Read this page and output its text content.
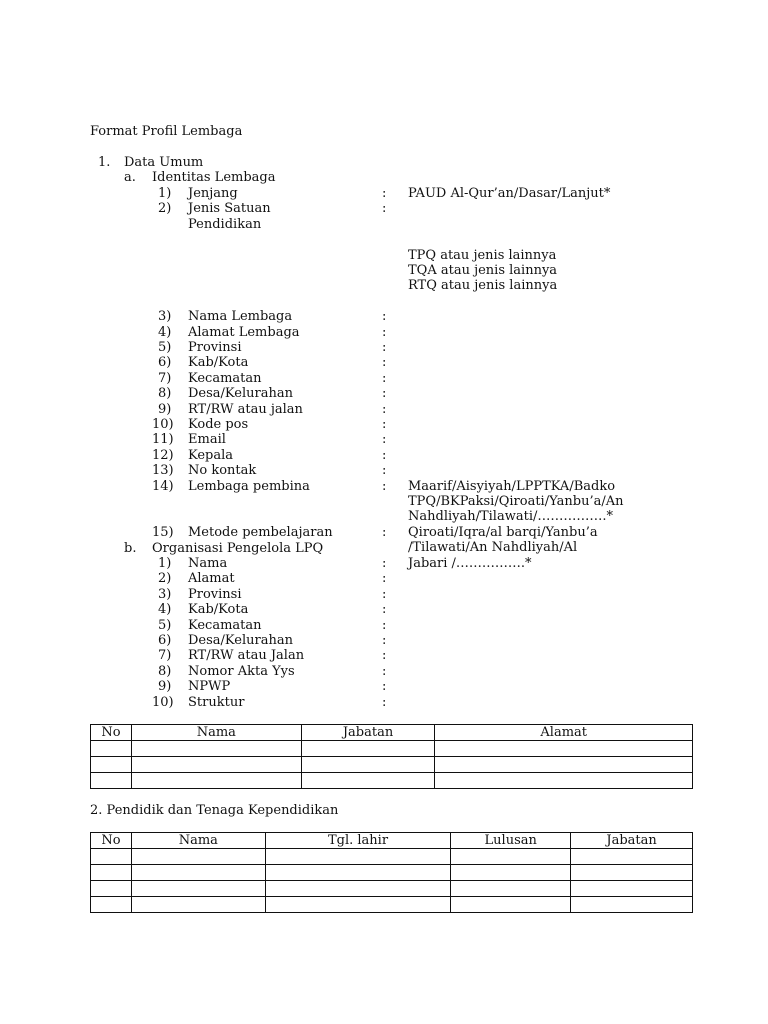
Format Profil Lembaga
1. Data Umum
a. Identitas Lembaga
1) Jenjang	: PAUD Al-Qur’an/Dasar/Lanjut*
2) Jenis Satuan	:
Pendidikan
TPQ atau jenis lainnya
TQA atau jenis lainnya
RTQ atau jenis lainnya
3) Nama Lembaga	:
4) Alamat Lembaga	:
5) Provinsi	:
6) Kab/Kota	:
7) Kecamatan	:
8) Desa/Kelurahan	:
9) RT/RW atau jalan	:
10) Kode pos	:
11) Email	:
12) Kepala	:
13) No kontak	:
14) Lembaga pembina	: Maarif/Aisyiyah/LPPTKA/Badko
TPQ/BKPaksi/Qiroati/Yanbu’a/An
Nahdliyah/Tilawati/…………….*
15) Metode pembelajaran	: Qiroati/Iqra/al barqi/Yanbu’a
/Tilawati/An Nahdliyah/Al
Jabari /…………….*
b. Organisasi Pengelola LPQ
1) Nama	:
2) Alamat	:
3) Provinsi	:
4) Kab/Kota	:
5) Kecamatan	:
6) Desa/Kelurahan	:
7) RT/RW atau Jalan	:
8) Nomor Akta Yys	:
9) NPWP	:
10) Struktur	:
No	Nama	Jabatan	Alamat

2. Pendidik dan Tenaga Kependidikan
No	Nama	Tgl. lahir	Lulusan	Jabatan
